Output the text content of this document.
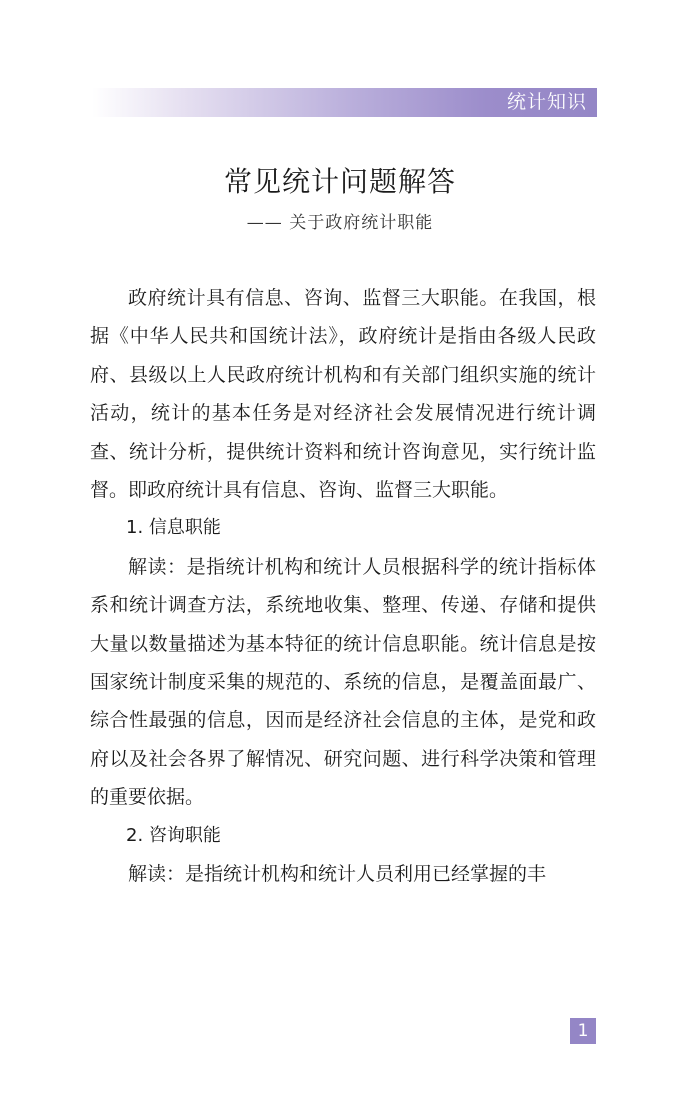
统计知识
常见统计问题解答
—— 关于政府统计职能

政府统计具有信息、咨询、监督三大职能。在我国，根据《中华人民共和国统计法》，政府统计是指由各级人民政府、县级以上人民政府统计机构和有关部门组织实施的统计活动，统计的基本任务是对经济社会发展情况进行统计调查、统计分析，提供统计资料和统计咨询意见，实行统计监督。即政府统计具有信息、咨询、监督三大职能。

1. 信息职能

解读：是指统计机构和统计人员根据科学的统计指标体系和统计调查方法，系统地收集、整理、传递、存储和提供大量以数量描述为基本特征的统计信息职能。统计信息是按国家统计制度采集的规范的、系统的信息，是覆盖面最广、综合性最强的信息，因而是经济社会信息的主体，是党和政府以及社会各界了解情况、研究问题、进行科学决策和管理的重要依据。

2. 咨询职能

解读：是指统计机构和统计人员利用已经掌握的丰

1
